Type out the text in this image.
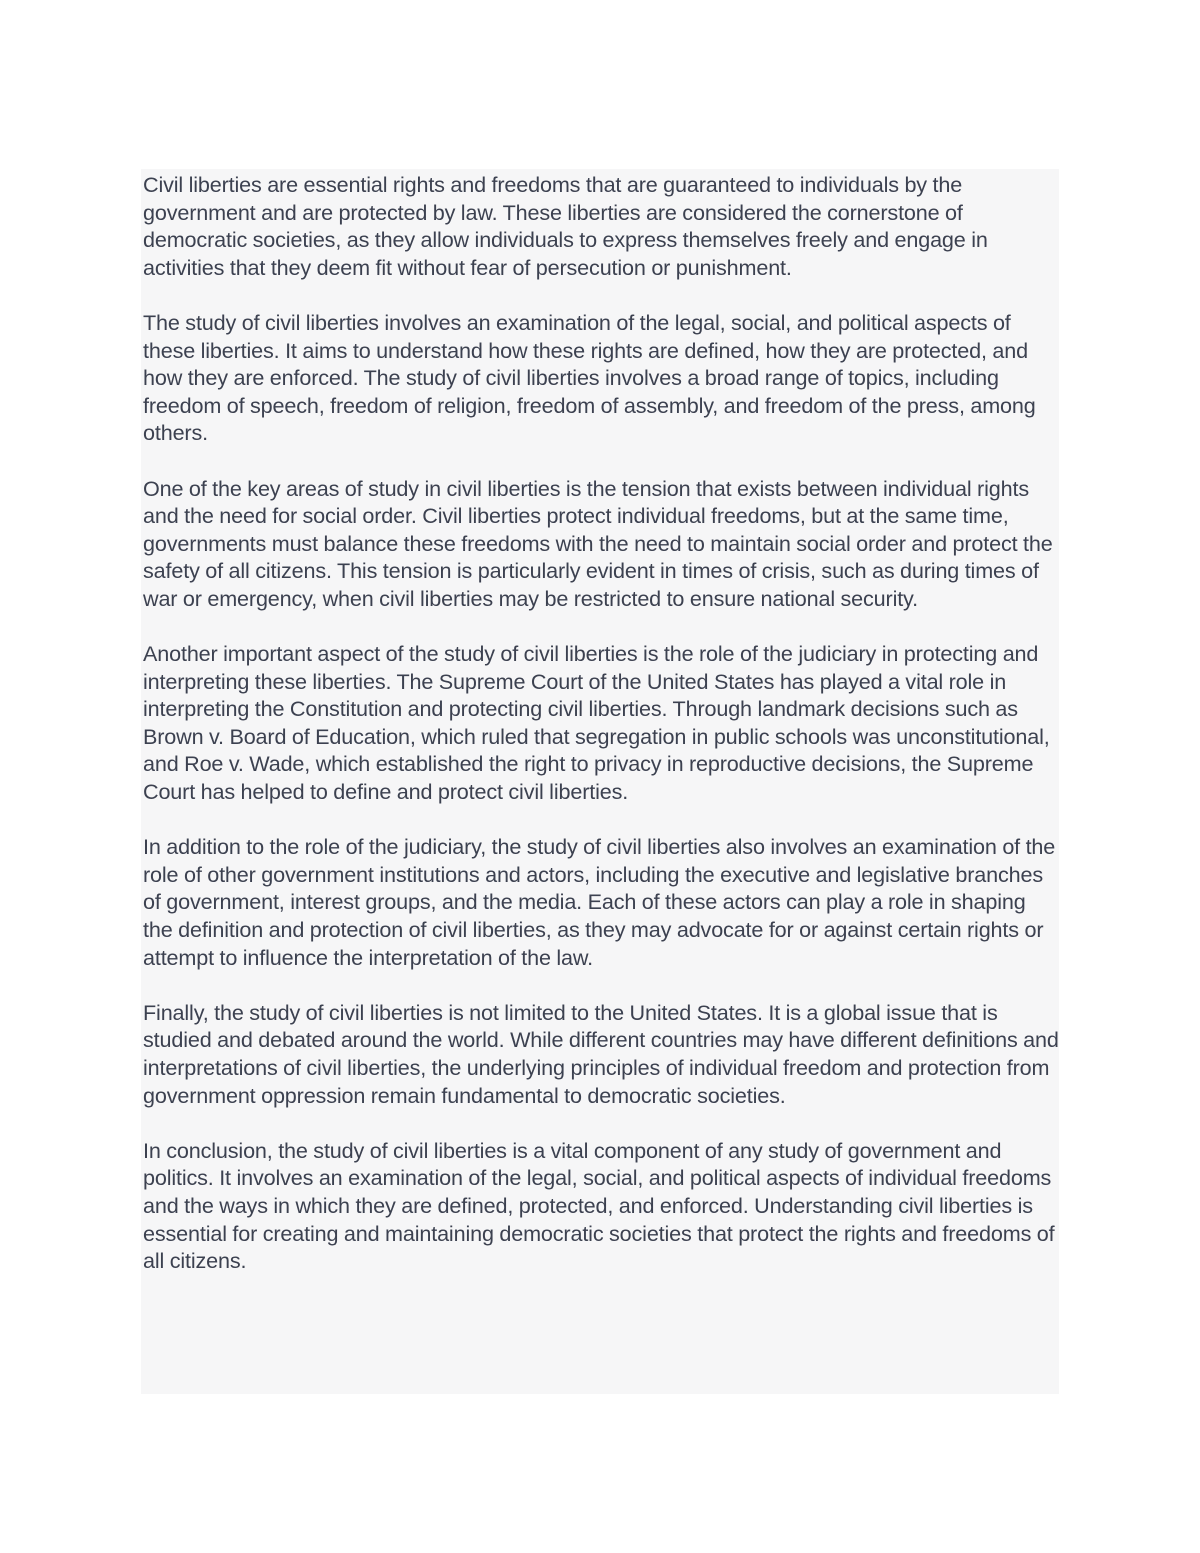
Civil liberties are essential rights and freedoms that are guaranteed to individuals by the government and are protected by law. These liberties are considered the cornerstone of democratic societies, as they allow individuals to express themselves freely and engage in activities that they deem fit without fear of persecution or punishment.

The study of civil liberties involves an examination of the legal, social, and political aspects of these liberties. It aims to understand how these rights are defined, how they are protected, and how they are enforced. The study of civil liberties involves a broad range of topics, including freedom of speech, freedom of religion, freedom of assembly, and freedom of the press, among others.

One of the key areas of study in civil liberties is the tension that exists between individual rights and the need for social order. Civil liberties protect individual freedoms, but at the same time, governments must balance these freedoms with the need to maintain social order and protect the safety of all citizens. This tension is particularly evident in times of crisis, such as during times of war or emergency, when civil liberties may be restricted to ensure national security.

Another important aspect of the study of civil liberties is the role of the judiciary in protecting and interpreting these liberties. The Supreme Court of the United States has played a vital role in interpreting the Constitution and protecting civil liberties. Through landmark decisions such as Brown v. Board of Education, which ruled that segregation in public schools was unconstitutional, and Roe v. Wade, which established the right to privacy in reproductive decisions, the Supreme Court has helped to define and protect civil liberties.

In addition to the role of the judiciary, the study of civil liberties also involves an examination of the role of other government institutions and actors, including the executive and legislative branches of government, interest groups, and the media. Each of these actors can play a role in shaping the definition and protection of civil liberties, as they may advocate for or against certain rights or attempt to influence the interpretation of the law.

Finally, the study of civil liberties is not limited to the United States. It is a global issue that is studied and debated around the world. While different countries may have different definitions and interpretations of civil liberties, the underlying principles of individual freedom and protection from government oppression remain fundamental to democratic societies.

In conclusion, the study of civil liberties is a vital component of any study of government and politics. It involves an examination of the legal, social, and political aspects of individual freedoms and the ways in which they are defined, protected, and enforced. Understanding civil liberties is essential for creating and maintaining democratic societies that protect the rights and freedoms of all citizens.
